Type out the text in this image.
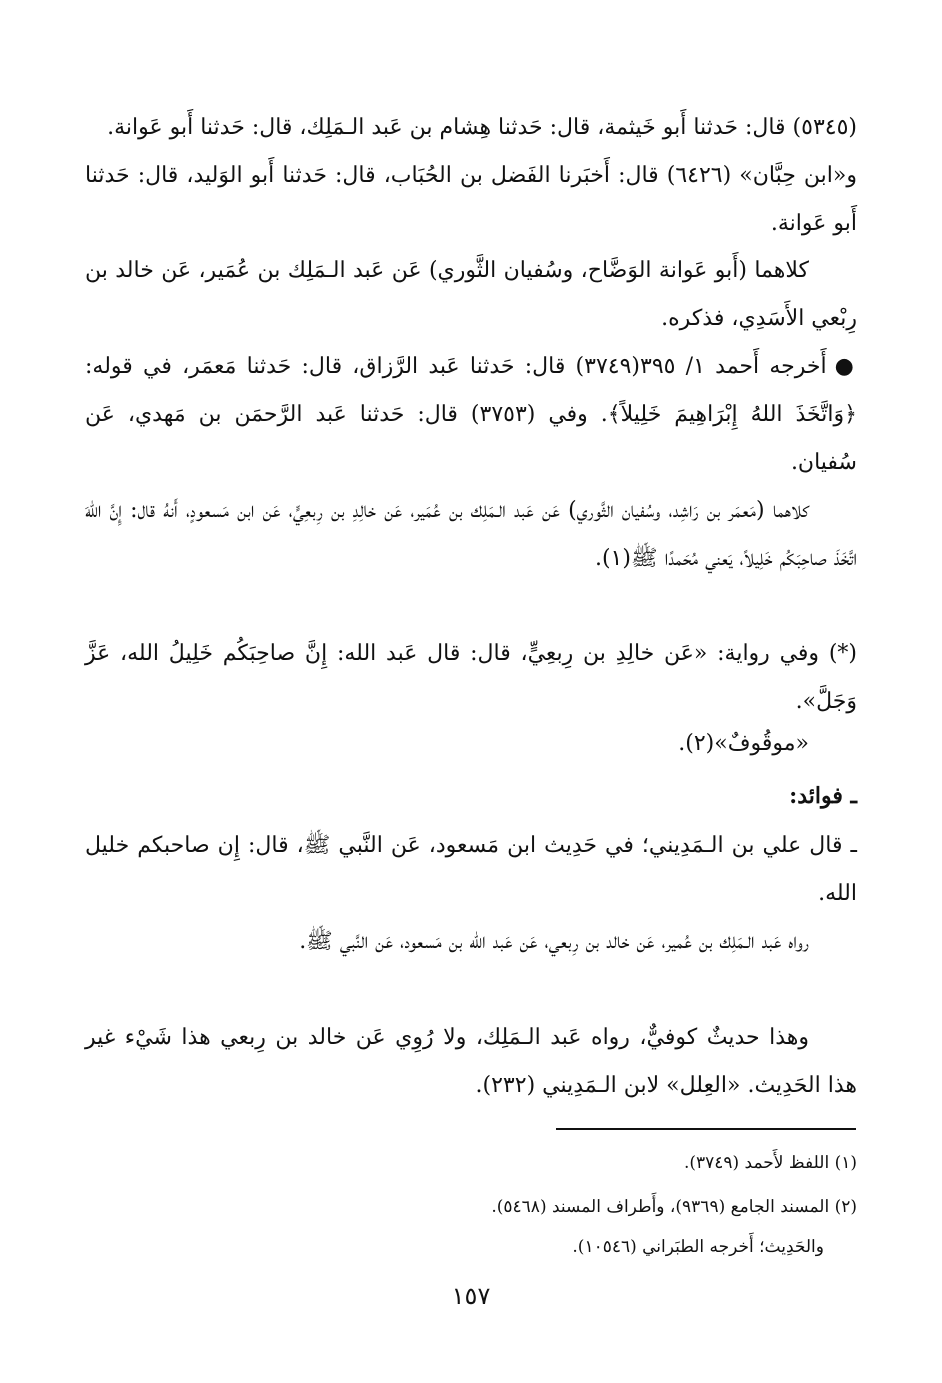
(٥٣٤٥) قال: حَدثنا أَبو خَيثمة، قال: حَدثنا هِشام بن عَبد الـمَلِك، قال: حَدثنا أَبو عَوانة.

و«ابن حِبَّان» (٦٤٢٦) قال: أَخبَرنا الفَضل بن الحُبَاب، قال: حَدثنا أَبو الوَليد، قال: حَدثنا أَبو عَوانة.

كلاهما (أَبو عَوانة الوَضَّاح، وسُفيان الثَّوري) عَن عَبد الـمَلِك بن عُمَير، عَن خالد بن رِبْعي الأَسَدِي، فذكره.

●أَخرجه أَحمد ١/ ٣٩٥(٣٧٤٩) قال: حَدثنا عَبد الرَّزاق، قال: حَدثنا مَعمَر، في قوله: ﴿وَاتَّخَذَ اللهُ إِبْرَاهِيمَ خَلِيلاً﴾. وفي (٣٧٥٣) قال: حَدثنا عَبد الرَّحمَن بن مَهدي، عَن سُفيان.

كلاهما (مَعمَر بن رَاشِد، وسُفيان الثَّوري) عَن عَبد الـمَلِك بن عُمَير، عَن خالِدِ بن رِبعِيٍّ، عَن ابن مَسعودٍ، أَنهُ قال: إِنَّ اللهَ اتَّخَذَ صاحِبَكُم خَلِيلاً، يَعني مُحَمدًا ﷺ(١).

(*) وفي رواية: «عَن خالِدِ بن رِبعِيٍّ، قال: قال عَبد الله: إِنَّ صاحِبَكُم خَلِيلُ الله، عَزَّ وَجَلَّ».

«موقُوفٌ»(٢).

ـ فوائد:

ـ قال علي بن الـمَدِيني؛ في حَدِيث ابن مَسعود، عَن النَّبي ﷺ، قال: إِن صاحبكم خليل الله.

رواه عَبد الـمَلِك بن عُمير، عَن خالد بن رِبعي، عَن عَبد الله بن مَسعود، عَن النَّبي ﷺ.

وهذا حديثٌ كوفيٌّ، رواه عَبد الـمَلِك، ولا رُوِي عَن خالد بن رِبعي هذا شَيْء غير هذا الحَدِيث. «العِلل» لابن الـمَدِيني (٢٣٢).

(١) اللفظ لأَحمد (٣٧٤٩).

(٢) المسند الجامع (٩٣٦٩)، وأَطراف المسند (٥٤٦٨).

والحَدِيث؛ أَخرجه الطبَراني (١٠٥٤٦).

١٥٧
